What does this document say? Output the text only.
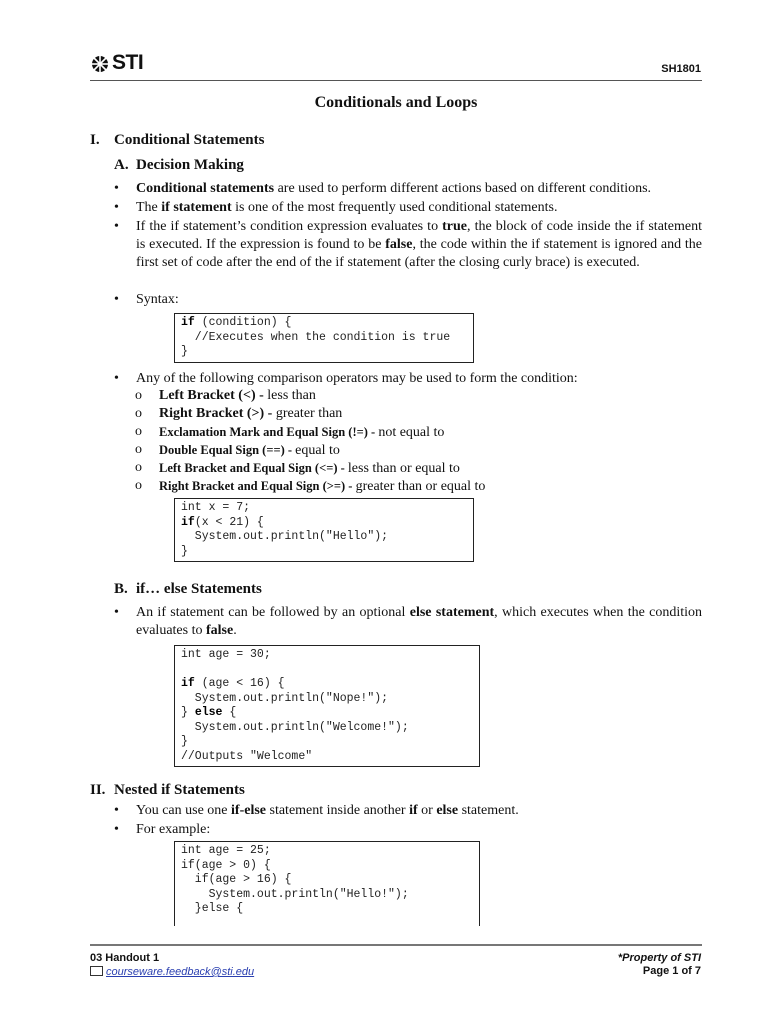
STI	SH1801
Conditionals and Loops
I. Conditional Statements
A. Decision Making
•	Conditional statements are used to perform different actions based on different conditions.
•	The if statement is one of the most frequently used conditional statements.
•	If the if statement’s condition expression evaluates to true, the block of code inside the if statement is executed. If the expression is found to be false, the code within the if statement is ignored and the first set of code after the end of the if statement (after the closing curly brace) is executed.
•	Syntax:
if (condition) {
//Executes when the condition is true
}
•	Any of the following comparison operators may be used to form the condition:
o Left Bracket (<) - less than
o Right Bracket (>) - greater than
o Exclamation Mark and Equal Sign (!=) - not equal to
o Double Equal Sign (==) - equal to
o Left Bracket and Equal Sign (<=) - less than or equal to
o Right Bracket and Equal Sign (>=) - greater than or equal to
int x = 7;
if(x < 21) {
System.out.println("Hello");
}
B. if… else Statements
•	An if statement can be followed by an optional else statement, which executes when the condition evaluates to false.
int age = 30;

if (age < 16) {
System.out.println("Nope!");
} else {
System.out.println("Welcome!");
}
//Outputs "Welcome"
II. Nested if Statements
•	You can use one if-else statement inside another if or else statement.
•	For example:
int age = 25;
if(age > 0) {
if(age > 16) {
System.out.println("Hello!");
}else {
03 Handout 1
courseware.feedback@sti.edu
*Property of STI
Page 1 of 7
